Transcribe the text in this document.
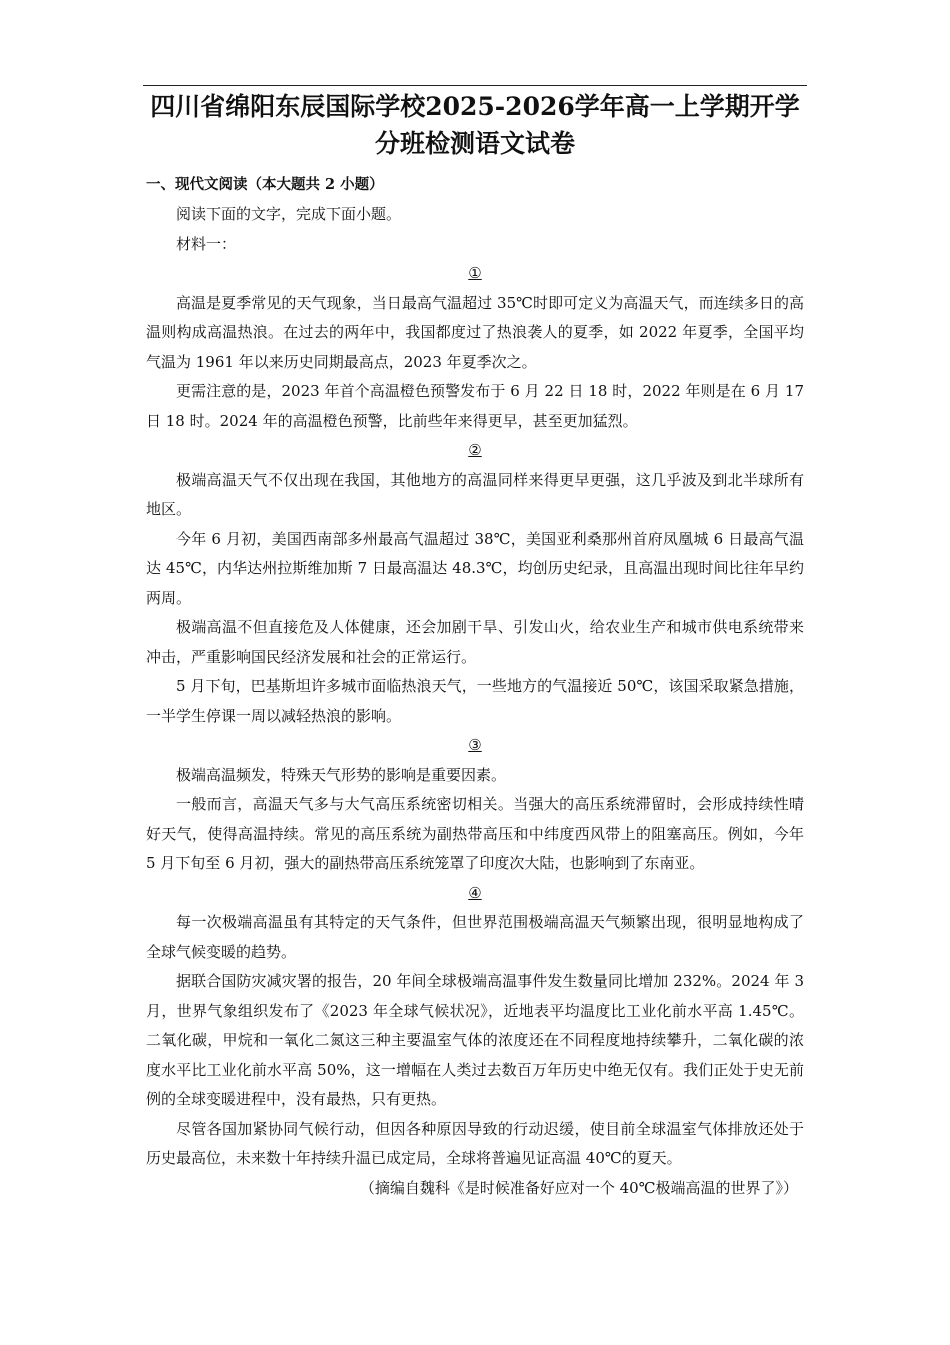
四川省绵阳东辰国际学校2025-2026学年高一上学期开学
分班检测语文试卷
一、现代文阅读（本大题共 2 小题）

阅读下面的文字，完成下面小题。

材料一：

①

高温是夏季常见的天气现象，当日最高气温超过 35℃时即可定义为高温天气，而连续多日的高温则构成高温热浪。在过去的两年中，我国都度过了热浪袭人的夏季，如 2022 年夏季，全国平均气温为 1961 年以来历史同期最高点，2023 年夏季次之。

更需注意的是，2023 年首个高温橙色预警发布于 6 月 22 日 18 时，2022 年则是在 6 月 17 日 18 时。2024 年的高温橙色预警，比前些年来得更早，甚至更加猛烈。

②

极端高温天气不仅出现在我国，其他地方的高温同样来得更早更强，这几乎波及到北半球所有地区。

今年 6 月初，美国西南部多州最高气温超过 38℃，美国亚利桑那州首府凤凰城 6 日最高气温达 45℃，内华达州拉斯维加斯 7 日最高温达 48.3℃，均创历史纪录，且高温出现时间比往年早约两周。

极端高温不但直接危及人体健康，还会加剧干旱、引发山火，给农业生产和城市供电系统带来冲击，严重影响国民经济发展和社会的正常运行。

5 月下旬，巴基斯坦许多城市面临热浪天气，一些地方的气温接近 50℃，该国采取紧急措施，一半学生停课一周以减轻热浪的影响。

③

极端高温频发，特殊天气形势的影响是重要因素。

一般而言，高温天气多与大气高压系统密切相关。当强大的高压系统滞留时，会形成持续性晴好天气，使得高温持续。常见的高压系统为副热带高压和中纬度西风带上的阻塞高压。例如，今年 5 月下旬至 6 月初，强大的副热带高压系统笼罩了印度次大陆，也影响到了东南亚。

④

每一次极端高温虽有其特定的天气条件，但世界范围极端高温天气频繁出现，很明显地构成了全球气候变暖的趋势。

据联合国防灾减灾署的报告，20 年间全球极端高温事件发生数量同比增加 232%。2024 年 3 月，世界气象组织发布了《2023 年全球气候状况》，近地表平均温度比工业化前水平高 1.45℃。二氧化碳，甲烷和一氧化二氮这三种主要温室气体的浓度还在不同程度地持续攀升，二氧化碳的浓度水平比工业化前水平高 50%，这一增幅在人类过去数百万年历史中绝无仅有。我们正处于史无前例的全球变暖进程中，没有最热，只有更热。

尽管各国加紧协同气候行动，但因各种原因导致的行动迟缓，使目前全球温室气体排放还处于历史最高位，未来数十年持续升温已成定局，全球将普遍见证高温 40℃的夏天。

（摘编自魏科《是时候准备好应对一个 40℃极端高温的世界了》）
